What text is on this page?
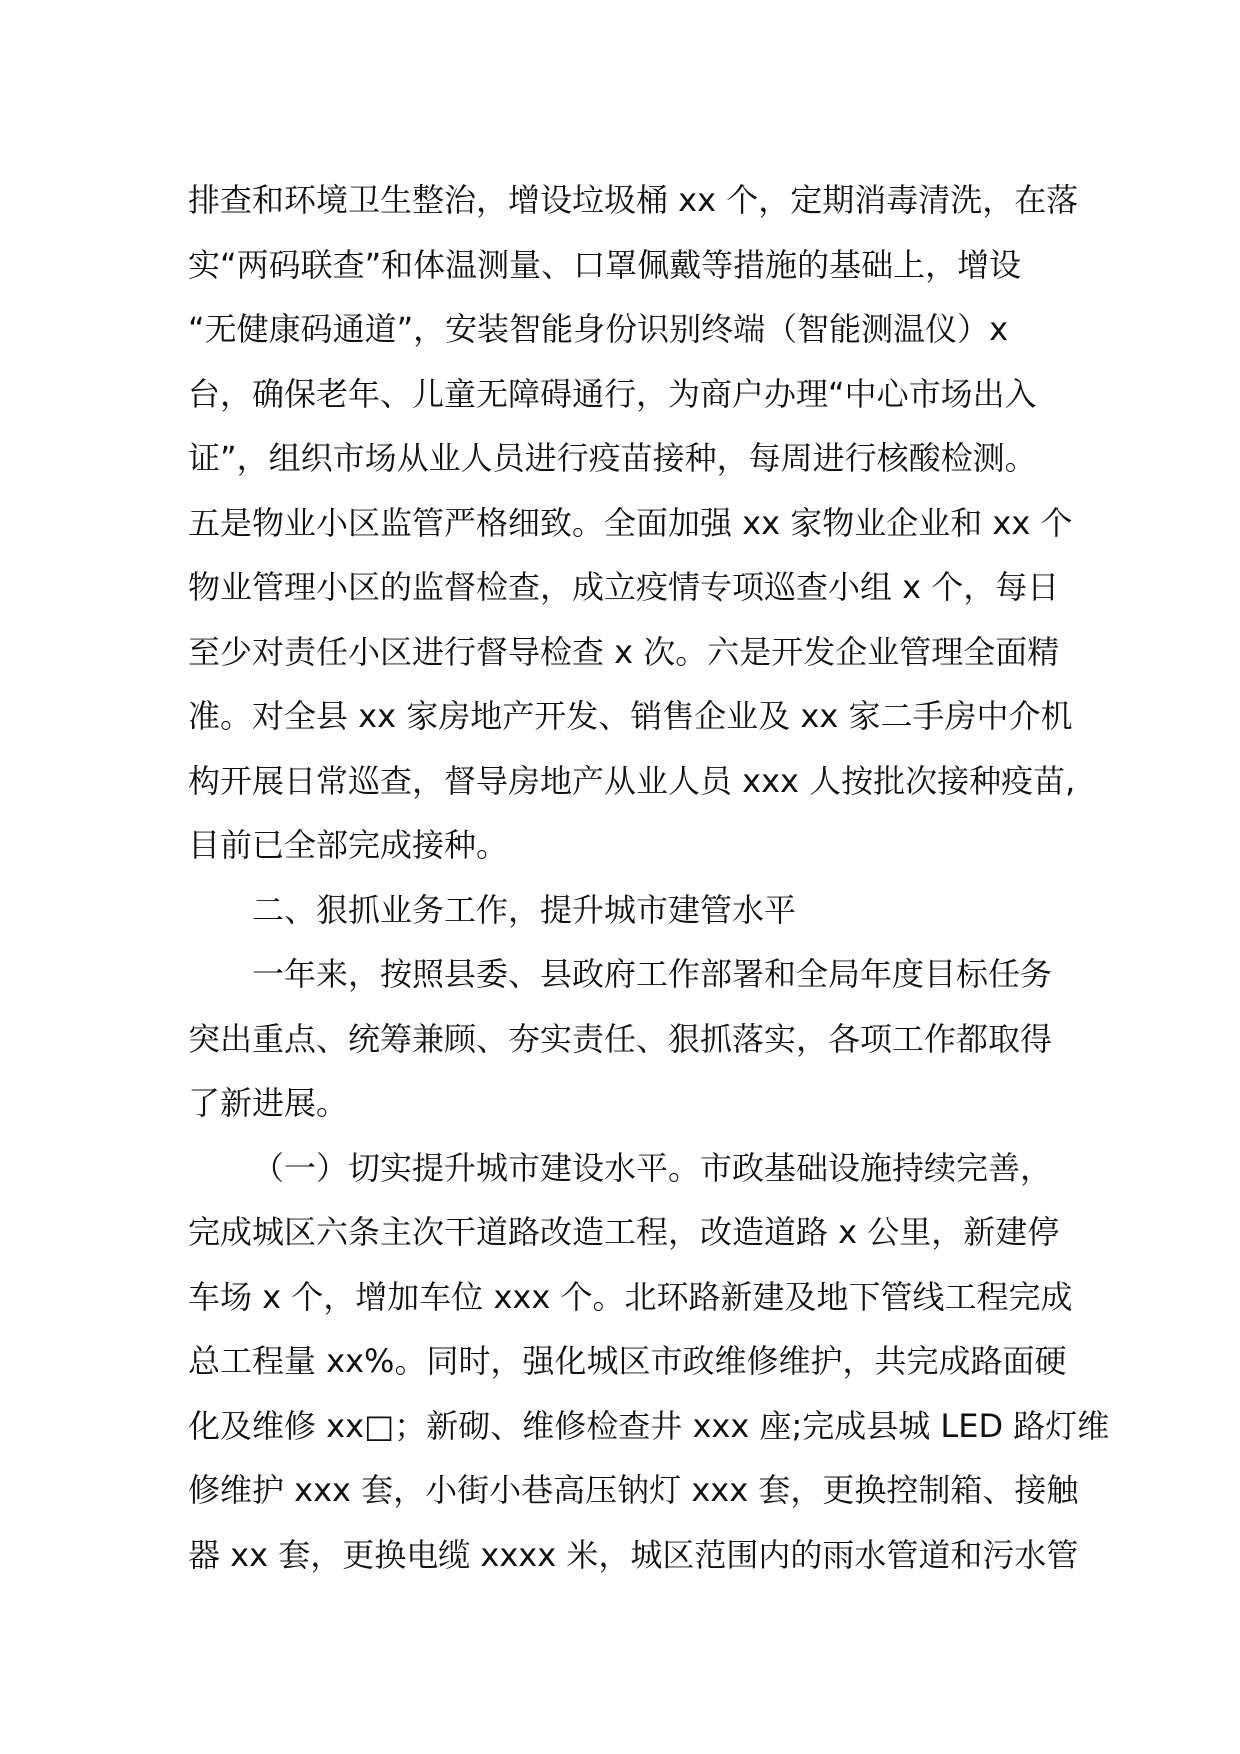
排查和环境卫生整治，增设垃圾桶 xx 个，定期消毒清洗，在落
实“两码联查”和体温测量、口罩佩戴等措施的基础上，增设
“无健康码通道”，安装智能身份识别终端（智能测温仪）x
台，确保老年、儿童无障碍通行，为商户办理“中心市场出入
证”，组织市场从业人员进行疫苗接种，每周进行核酸检测。
五是物业小区监管严格细致。全面加强 xx 家物业企业和 xx 个
物业管理小区的监督检查，成立疫情专项巡查小组 x 个，每日
至少对责任小区进行督导检查 x 次。六是开发企业管理全面精
准。对全县 xx 家房地产开发、销售企业及 xx 家二手房中介机
构开展日常巡查，督导房地产从业人员 xxx 人按批次接种疫苗,
目前已全部完成接种。
二、狠抓业务工作，提升城市建管水平
一年来，按照县委、县政府工作部署和全局年度目标任务
突出重点、统筹兼顾、夯实责任、狠抓落实，各项工作都取得
了新进展。
（一）切实提升城市建设水平。市政基础设施持续完善，
完成城区六条主次干道路改造工程，改造道路 x 公里，新建停
车场 x 个，增加车位 xxx 个。北环路新建及地下管线工程完成
总工程量 xx%。同时，强化城区市政维修维护，共完成路面硬
化及维修 xx□；新砌、维修检查井 xxx 座;完成县城 LED 路灯维
修维护 xxx 套，小街小巷高压钠灯 xxx 套，更换控制箱、接触
器 xx 套，更换电缆 xxxx 米，城区范围内的雨水管道和污水管
